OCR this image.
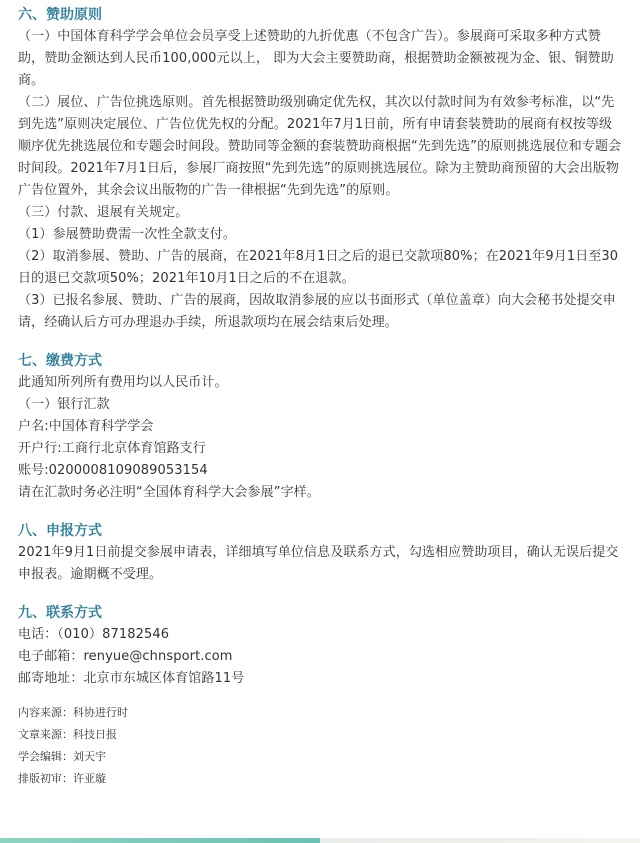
六、赞助原则

（一）中国体育科学学会单位会员享受上述赞助的九折优惠（不包含广告）。参展商可采取多种方式赞助，赞助金额达到人民币100,000元以上， 即为大会主要赞助商，根据赞助金额被视为金、银、铜赞助商。

（二）展位、广告位挑选原则。首先根据赞助级别确定优先权，其次以付款时间为有效参考标准，以“先到先选”原则决定展位、广告位优先权的分配。2021年7月1日前，所有申请套装赞助的展商有权按等级顺序优先挑选展位和专题会时间段。赞助同等金额的套装赞助商根据“先到先选”的原则挑选展位和专题会时间段。2021年7月1日后，参展厂商按照“先到先选”的原则挑选展位。除为主赞助商预留的大会出版物广告位置外，其余会议出版物的广告一律根据“先到先选”的原则。

（三）付款、退展有关规定。

（1）参展赞助费需一次性全款支付。

（2）取消参展、赞助、广告的展商，在2021年8月1日之后的退已交款项80%；在2021年9月1日至30日的退已交款项50%；2021年10月1日之后的不在退款。

（3）已报名参展、赞助、广告的展商，因故取消参展的应以书面形式（单位盖章）向大会秘书处提交申请，经确认后方可办理退办手续，所退款项均在展会结束后处理。

七、缴费方式

此通知所列所有费用均以人民币计。

（一）银行汇款

户名:中国体育科学学会

开户行:工商行北京体育馆路支行

账号:0200008109089053154

请在汇款时务必注明“全国体育科学大会参展”字样。

八、申报方式

2021年9月1日前提交参展申请表，详细填写单位信息及联系方式，勾选相应赞助项目，确认无误后提交申报表。逾期概不受理。

九、联系方式

电话：（010）87182546

电子邮箱：renyue@chnsport.com

邮寄地址：北京市东城区体育馆路11号

内容来源：科协进行时

文章来源：科技日报

学会编辑：刘天宇

排版初审：许亚璇
